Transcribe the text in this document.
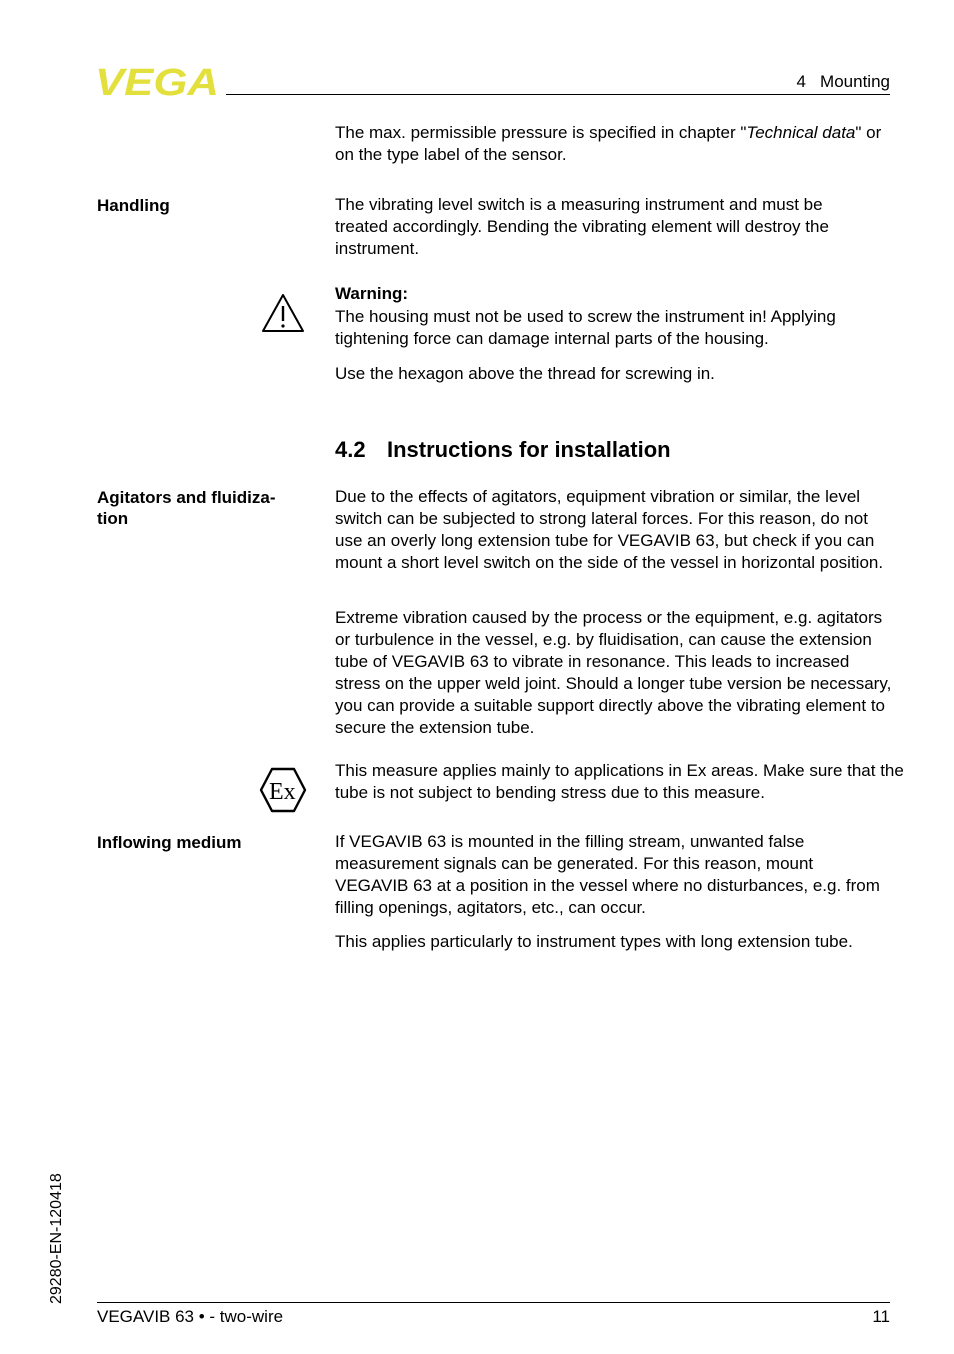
VEGA	4   Mounting

The max. permissible pressure is specified in chapter "Technical data" or on the type label of the sensor.

Handling	The vibrating level switch is a measuring instrument and must be treated accordingly. Bending the vibrating element will destroy the instrument.

Warning:

The housing must not be used to screw the instrument in! Applying tightening force can damage internal parts of the housing.

Use the hexagon above the thread for screwing in.

4.2 Instructions for installation
Agitators and fluidiza-
tion

Due to the effects of agitators, equipment vibration or similar, the level switch can be subjected to strong lateral forces. For this reason, do not use an overly long extension tube for VEGAVIB 63, but check if you can mount a short level switch on the side of the vessel in horizontal position.

Extreme vibration caused by the process or the equipment, e.g. agitators or turbulence in the vessel, e.g. by fluidisation, can cause the extension tube of VEGAVIB 63 to vibrate in resonance. This leads to increased stress on the upper weld joint. Should a longer tube version be necessary, you can provide a suitable support directly above the vibrating element to secure the extension tube.

Ex

This measure applies mainly to applications in Ex areas. Make sure that the tube is not subject to bending stress due to this measure.

Inflowing medium	If VEGAVIB 63 is mounted in the filling stream, unwanted false measurement signals can be generated. For this reason, mount VEGAVIB 63 at a position in the vessel where no disturbances, e.g. from filling openings, agitators, etc., can occur.

This applies particularly to instrument types with long extension tube.

29280-EN-120418
VEGAVIB 63 • - two-wire	11
